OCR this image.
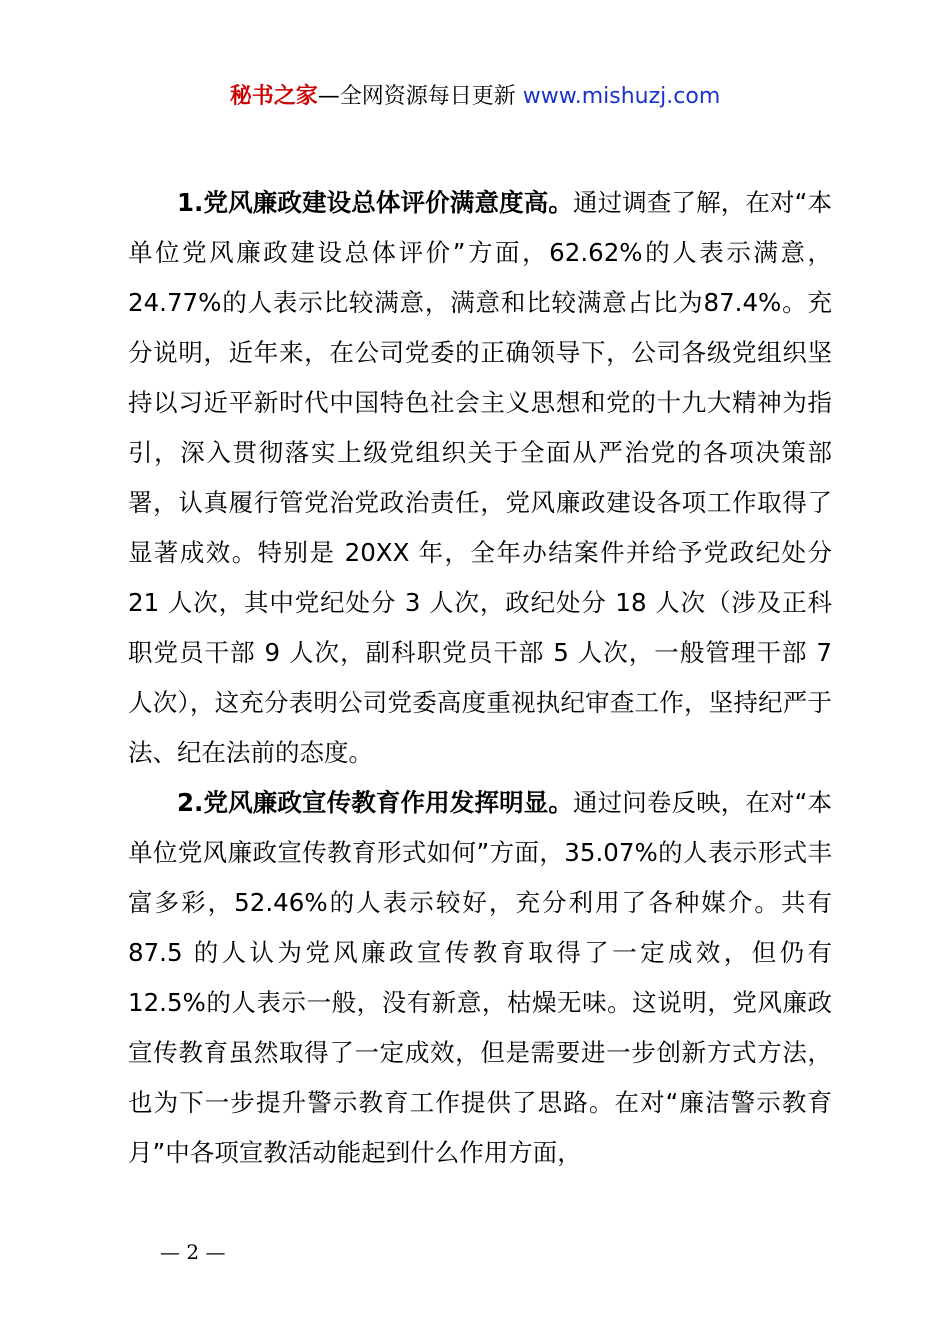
秘书之家—全网资源每日更新 www.mishuzj.com

1.党风廉政建设总体评价满意度高。通过调查了解，在对“本单位党风廉政建设总体评价”方面，62.62%的人表示满意，24.77%的人表示比较满意，满意和比较满意占比为87.4%。充分说明，近年来，在公司党委的正确领导下，公司各级党组织坚持以习近平新时代中国特色社会主义思想和党的十九大精神为指引，深入贯彻落实上级党组织关于全面从严治党的各项决策部署，认真履行管党治党政治责任，党风廉政建设各项工作取得了显著成效。特别是 20XX 年，全年办结案件并给予党政纪处分 21 人次，其中党纪处分 3 人次，政纪处分 18 人次（涉及正科职党员干部 9 人次，副科职党员干部 5 人次，一般管理干部 7 人次），这充分表明公司党委高度重视执纪审查工作，坚持纪严于法、纪在法前的态度。

2.党风廉政宣传教育作用发挥明显。通过问卷反映，在对“本单位党风廉政宣传教育形式如何”方面，35.07%的人表示形式丰富多彩，52.46%的人表示较好，充分利用了各种媒介。共有 87.5 的人认为党风廉政宣传教育取得了一定成效，但仍有 12.5%的人表示一般，没有新意，枯燥无味。这说明，党风廉政宣传教育虽然取得了一定成效，但是需要进一步创新方式方法，也为下一步提升警示教育工作提供了思路。在对“廉洁警示教育月”中各项宣教活动能起到什么作用方面，

— 2 —
